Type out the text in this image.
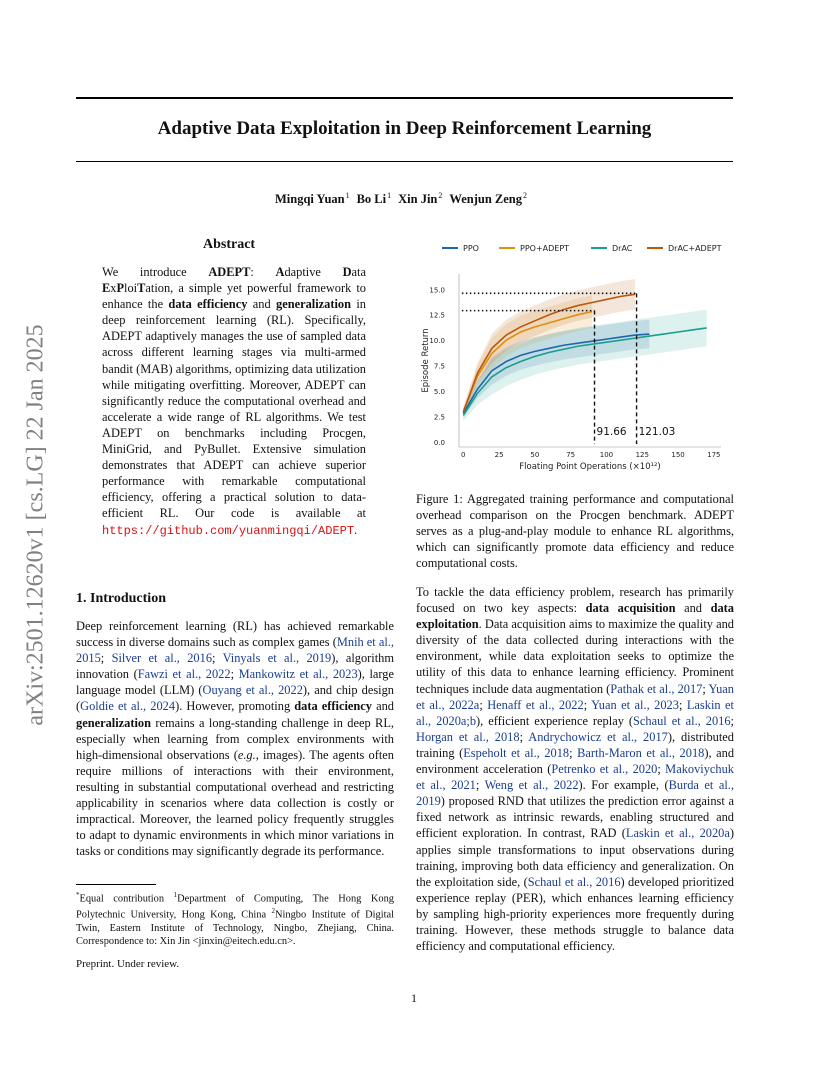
Adaptive Data Exploitation in Deep Reinforcement Learning
Mingqi Yuan$^1$ Bo Li$^1$ Xin Jin$^2$ Wenjun Zeng$^2$
arXiv:2501.12620v1 [cs.LG] 22 Jan 2025
Abstract
We introduce ADEPT: Adaptive Data ExPloiTation, a simple yet powerful framework to enhance the data efficiency and generalization in deep reinforcement learning (RL). Specifically, ADEPT adaptively manages the use of sampled data across different learning stages via multi-armed bandit (MAB) algorithms, optimizing data utilization while mitigating overfitting. Moreover, ADEPT can significantly reduce the computational overhead and accelerate a wide range of RL algorithms. We test ADEPT on benchmarks including Procgen, MiniGrid, and PyBullet. Extensive simulation demonstrates that ADEPT can achieve superior performance with remarkable computational efficiency, offering a practical solution to data-efficient RL. Our code is available at https://github.com/yuanmingqi/ADEPT.
1. Introduction
Deep reinforcement learning (RL) has achieved remarkable success in diverse domains such as complex games (Mnih et al., 2015; Silver et al., 2016; Vinyals et al., 2019), algorithm innovation (Fawzi et al., 2022; Mankowitz et al., 2023), large language model (LLM) (Ouyang et al., 2022), and chip design (Goldie et al., 2024). However, promoting data efficiency and generalization remains a long-standing challenge in deep RL, especially when learning from complex environments with high-dimensional observations (e.g., images). The agents often require millions of interactions with their environment, resulting in substantial computational overhead and restricting applicability in scenarios where data collection is costly or impractical. Moreover, the learned policy frequently struggles to adapt to dynamic environments in which minor variations in tasks or conditions may significantly degrade its performance.
*Equal contribution $^1$Department of Computing, The Hong Kong Polytechnic University, Hong Kong, China $^2$Ningbo Institute of Digital Twin, Eastern Institute of Technology, Ningbo, Zhejiang, China. Correspondence to: Xin Jin <jinxin@eitech.edu.cn>.
Preprint. Under review.
PPO	PPO+ADEPT	DrAC	DrAC+ADEPT
0.0
2.5
5.0
7.5
10.0
12.5
15.0
0	25	50	75	100	125	150	175
Floating Point Operations (×10¹²)
Episode Return
91.66 121.03
Figure 1: Aggregated training performance and computational overhead comparison on the Procgen benchmark. ADEPT serves as a plug-and-play module to enhance RL algorithms, which can significantly promote data efficiency and reduce computational costs.
To tackle the data efficiency problem, research has primarily focused on two key aspects: data acquisition and data exploitation. Data acquisition aims to maximize the quality and diversity of the data collected during interactions with the environment, while data exploitation seeks to optimize the utility of this data to enhance learning efficiency. Prominent techniques include data augmentation (Pathak et al., 2017; Yuan et al., 2022a; Henaff et al., 2022; Yuan et al., 2023; Laskin et al., 2020a;b), efficient experience replay (Schaul et al., 2016; Horgan et al., 2018; Andrychowicz et al., 2017), distributed training (Espeholt et al., 2018; Barth-Maron et al., 2018), and environment acceleration (Petrenko et al., 2020; Makoviychuk et al., 2021; Weng et al., 2022). For example, (Burda et al., 2019) proposed RND that utilizes the prediction error against a fixed network as intrinsic rewards, enabling structured and efficient exploration. In contrast, RAD (Laskin et al., 2020a) applies simple transformations to input observations during training, improving both data efficiency and generalization. On the exploitation side, (Schaul et al., 2016) developed prioritized experience replay (PER), which enhances learning efficiency by sampling high-priority experiences more frequently during training. However, these methods struggle to balance data efficiency and computational efficiency.
1
